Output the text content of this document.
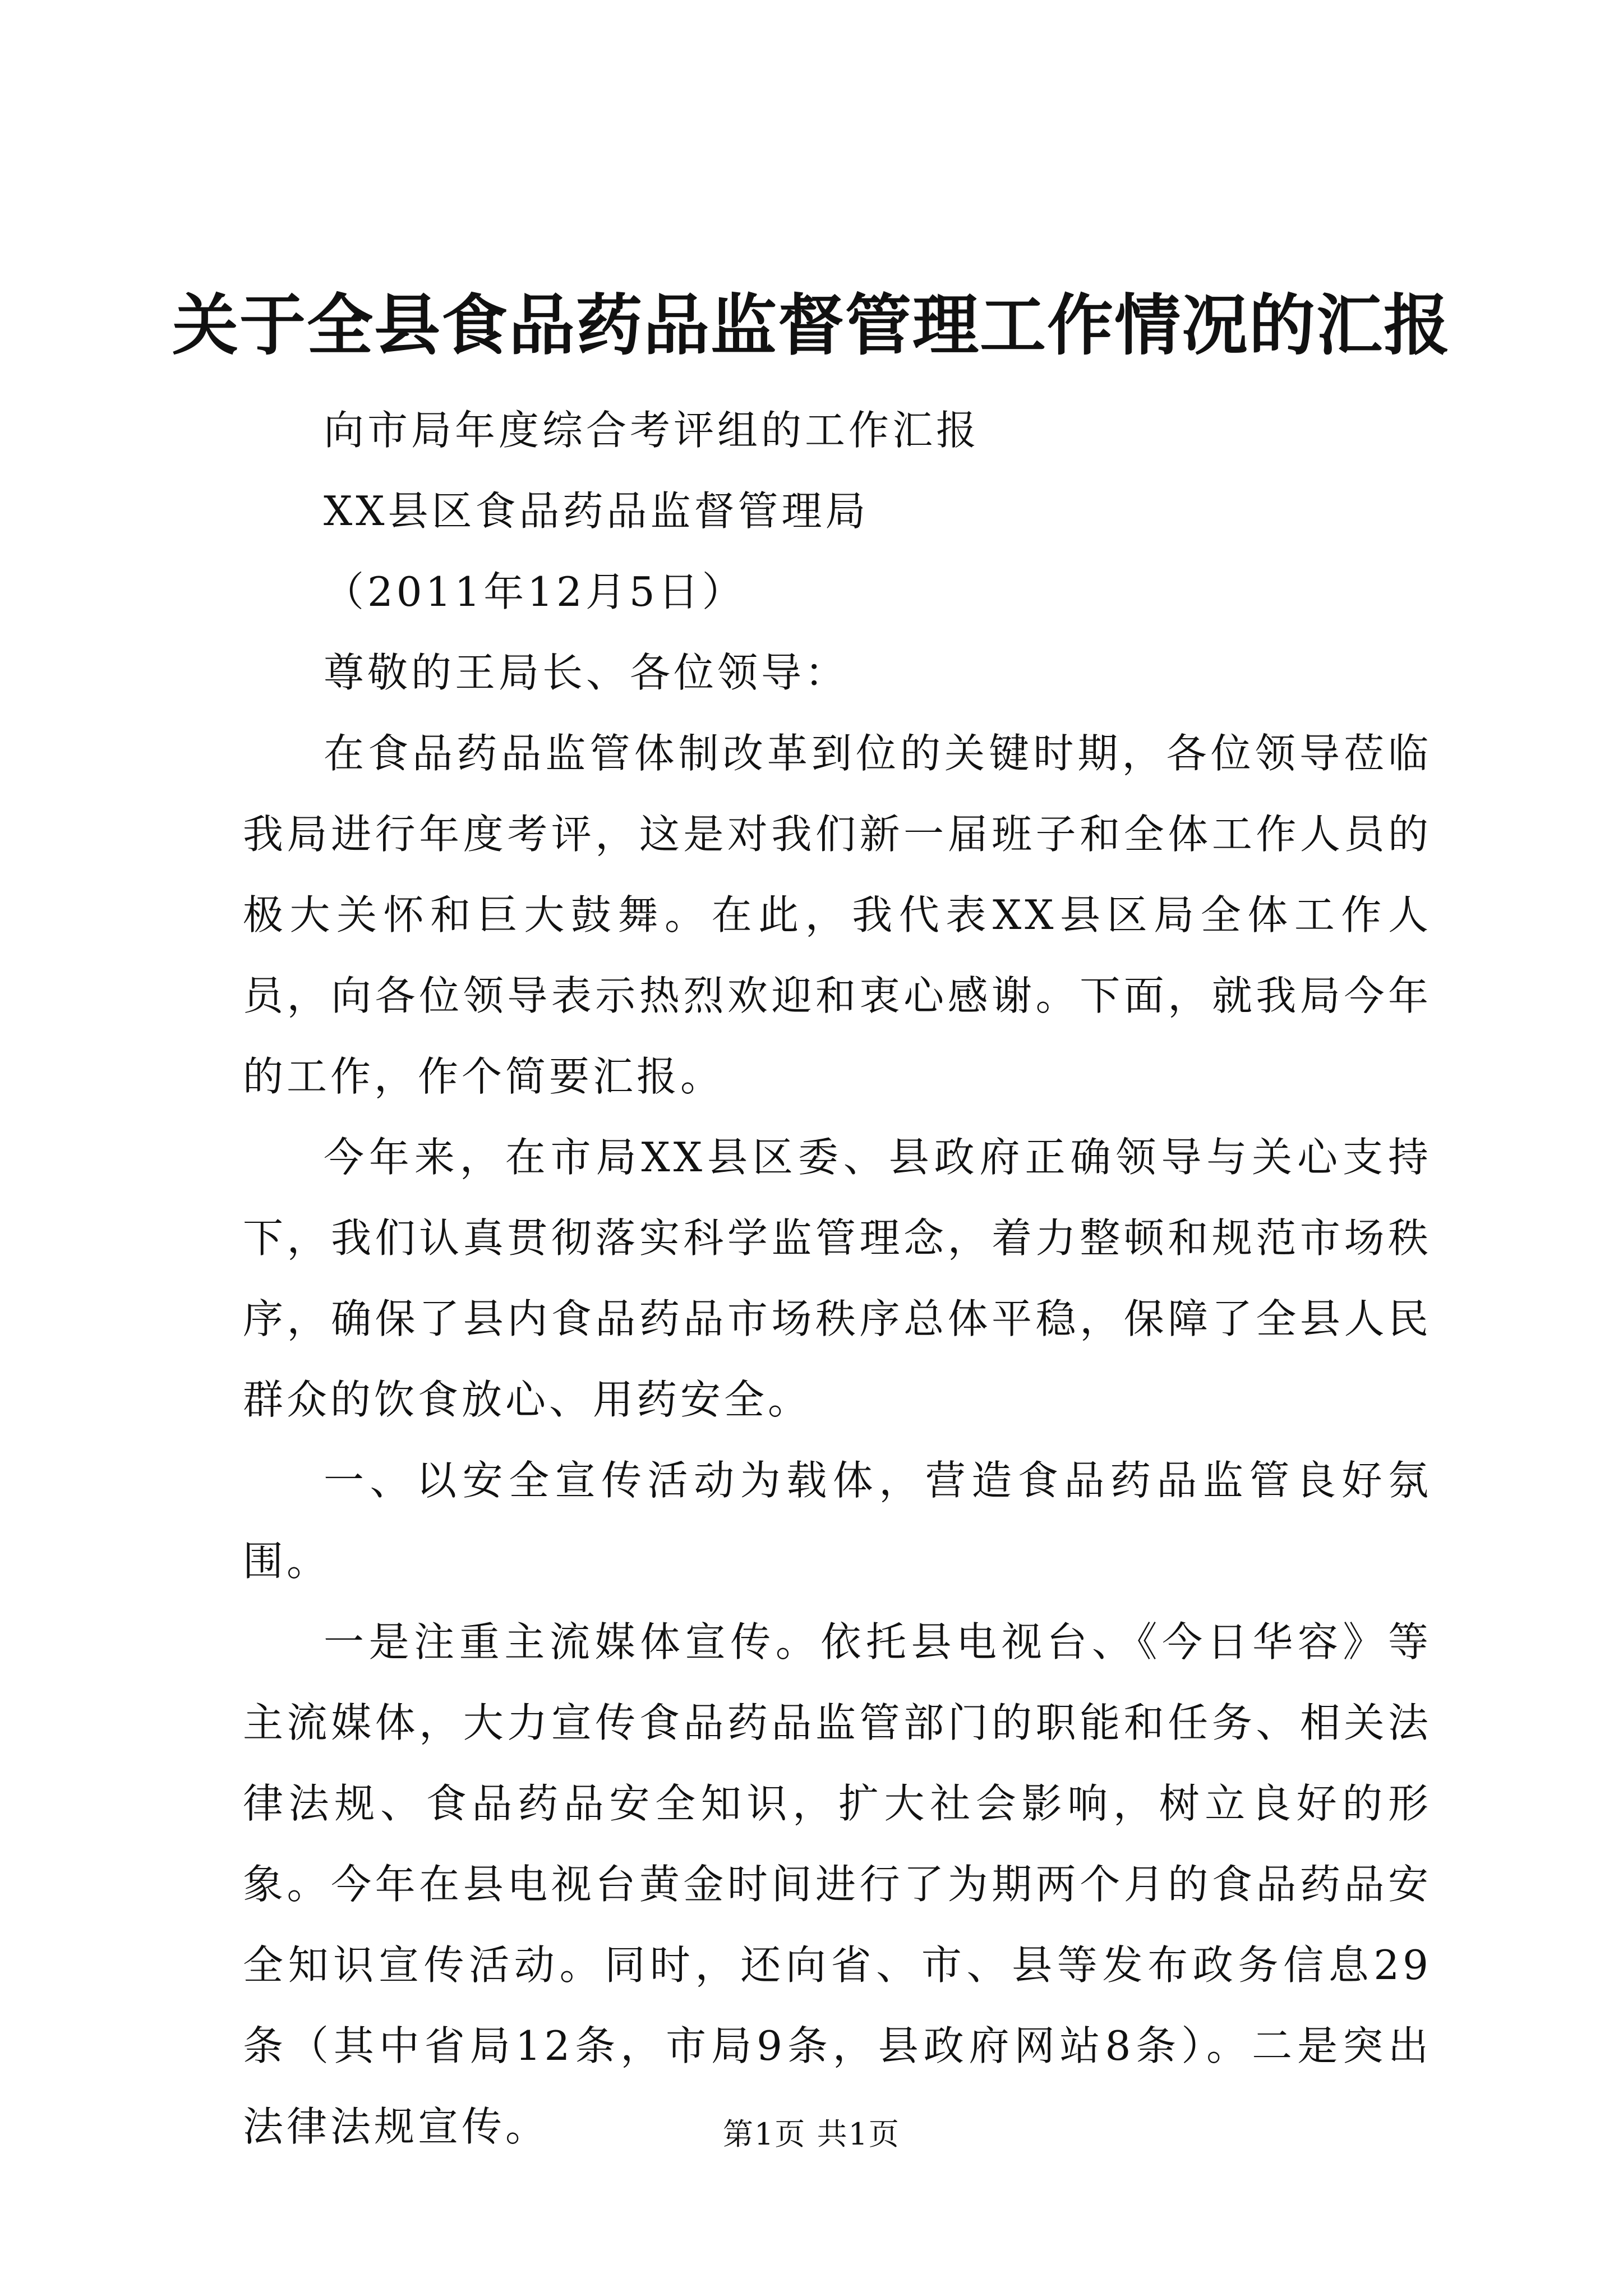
关于全县食品药品监督管理工作情况的汇报

向市局年度综合考评组的工作汇报

XX县区食品药品监督管理局

（2011年12月5日）

尊敬的王局长、各位领导：

在食品药品监管体制改革到位的关键时期，各位领导莅临我局进行年度考评，这是对我们新一届班子和全体工作人员的极大关怀和巨大鼓舞。在此，我代表XX县区局全体工作人员，向各位领导表示热烈欢迎和衷心感谢。下面，就我局今年的工作，作个简要汇报。

今年来，在市局XX县区委、县政府正确领导与关心支持下，我们认真贯彻落实科学监管理念，着力整顿和规范市场秩序，确保了县内食品药品市场秩序总体平稳，保障了全县人民群众的饮食放心、用药安全。

一、以安全宣传活动为载体，营造食品药品监管良好氛围。

一是注重主流媒体宣传。依托县电视台、《今日华容》等主流媒体，大力宣传食品药品监管部门的职能和任务、相关法律法规、食品药品安全知识，扩大社会影响，树立良好的形象。今年在县电视台黄金时间进行了为期两个月的食品药品安全知识宣传活动。同时，还向省、市、县等发布政务信息29条（其中省局12条，市局9条，县政府网站8条）。二是突出法律法规宣传。	第1页 共1页
